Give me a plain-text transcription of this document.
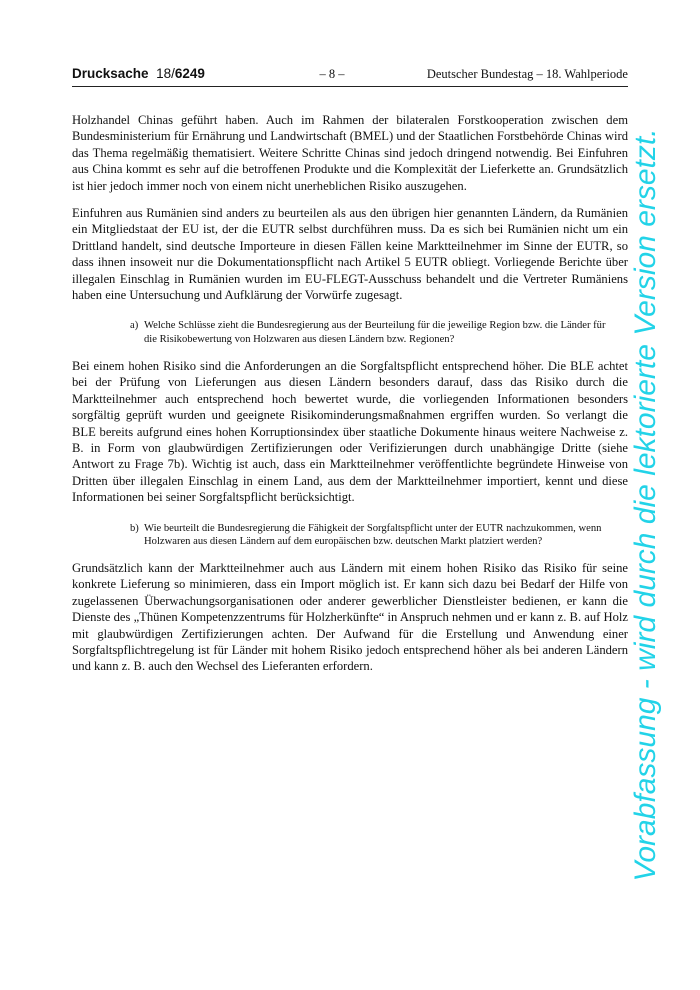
Drucksache 18/6249	– 8 –	Deutscher Bundestag – 18. Wahlperiode

Holzhandel Chinas geführt haben. Auch im Rahmen der bilateralen Forstkooperation zwischen dem Bundesministerium für Ernährung und Landwirtschaft (BMEL) und der Staatlichen Forstbehörde Chinas wird das Thema regelmäßig thematisiert. Weitere Schritte Chinas sind jedoch dringend notwendig. Bei Einfuhren aus China kommt es sehr auf die betroffenen Produkte und die Komplexität der Lieferkette an. Grundsätzlich ist hier jedoch immer noch von einem nicht unerheblichen Risiko auszugehen.

Einfuhren aus Rumänien sind anders zu beurteilen als aus den übrigen hier genannten Ländern, da Rumänien ein Mitgliedstaat der EU ist, der die EUTR selbst durchführen muss. Da es sich bei Rumänien nicht um ein Drittland handelt, sind deutsche Importeure in diesen Fällen keine Marktteilnehmer im Sinne der EUTR, so dass ihnen insoweit nur die Dokumentationspflicht nach Artikel 5 EUTR obliegt. Vorliegende Berichte über illegalen Einschlag in Rumänien wurden im EU-FLEGT-Ausschuss behandelt und die Vertreter Rumäniens haben eine Untersuchung und Aufklärung der Vorwürfe zugesagt.

a) Welche Schlüsse zieht die Bundesregierung aus der Beurteilung für die jeweilige Region bzw. die Länder für die Risikobewertung von Holzwaren aus diesen Ländern bzw. Regionen?

Bei einem hohen Risiko sind die Anforderungen an die Sorgfaltspflicht entsprechend höher. Die BLE achtet bei der Prüfung von Lieferungen aus diesen Ländern besonders darauf, dass das Risiko durch die Marktteilnehmer auch entsprechend hoch bewertet wurde, die vorliegenden Informationen besonders sorgfältig geprüft wurden und geeignete Risikominderungsmaßnahmen ergriffen wurden. So verlangt die BLE bereits aufgrund eines hohen Korruptionsindex über staatliche Dokumente hinaus weitere Nachweise z. B. in Form von glaubwürdigen Zertifizierungen oder Verifizierungen durch unabhängige Dritte (siehe Antwort zu Frage 7b). Wichtig ist auch, dass ein Marktteilnehmer veröffentlichte begründete Hinweise von Dritten über illegalen Einschlag in einem Land, aus dem der Marktteilnehmer importiert, kennt und diese Informationen bei seiner Sorgfaltspflicht berücksichtigt.

b) Wie beurteilt die Bundesregierung die Fähigkeit der Sorgfaltspflicht unter der EUTR nachzukommen, wenn Holzwaren aus diesen Ländern auf dem europäischen bzw. deutschen Markt platziert werden?

Grundsätzlich kann der Marktteilnehmer auch aus Ländern mit einem hohen Risiko das Risiko für seine konkrete Lieferung so minimieren, dass ein Import möglich ist. Er kann sich dazu bei Bedarf der Hilfe von zugelassenen Überwachungsorganisationen oder anderer gewerblicher Dienstleister bedienen, er kann die Dienste des „Thünen Kompetenzzentrums für Holzherkünfte“ in Anspruch nehmen und er kann z. B. auf Holz mit glaubwürdigen Zertifizierungen achten. Der Aufwand für die Erstellung und Anwendung einer Sorgfaltspflichtregelung ist für Länder mit hohem Risiko jedoch entsprechend höher als bei anderen Ländern und kann z. B. auch den Wechsel des Lieferanten erfordern.	Vorabfassung - wird durch die lektorierte Version ersetzt.
